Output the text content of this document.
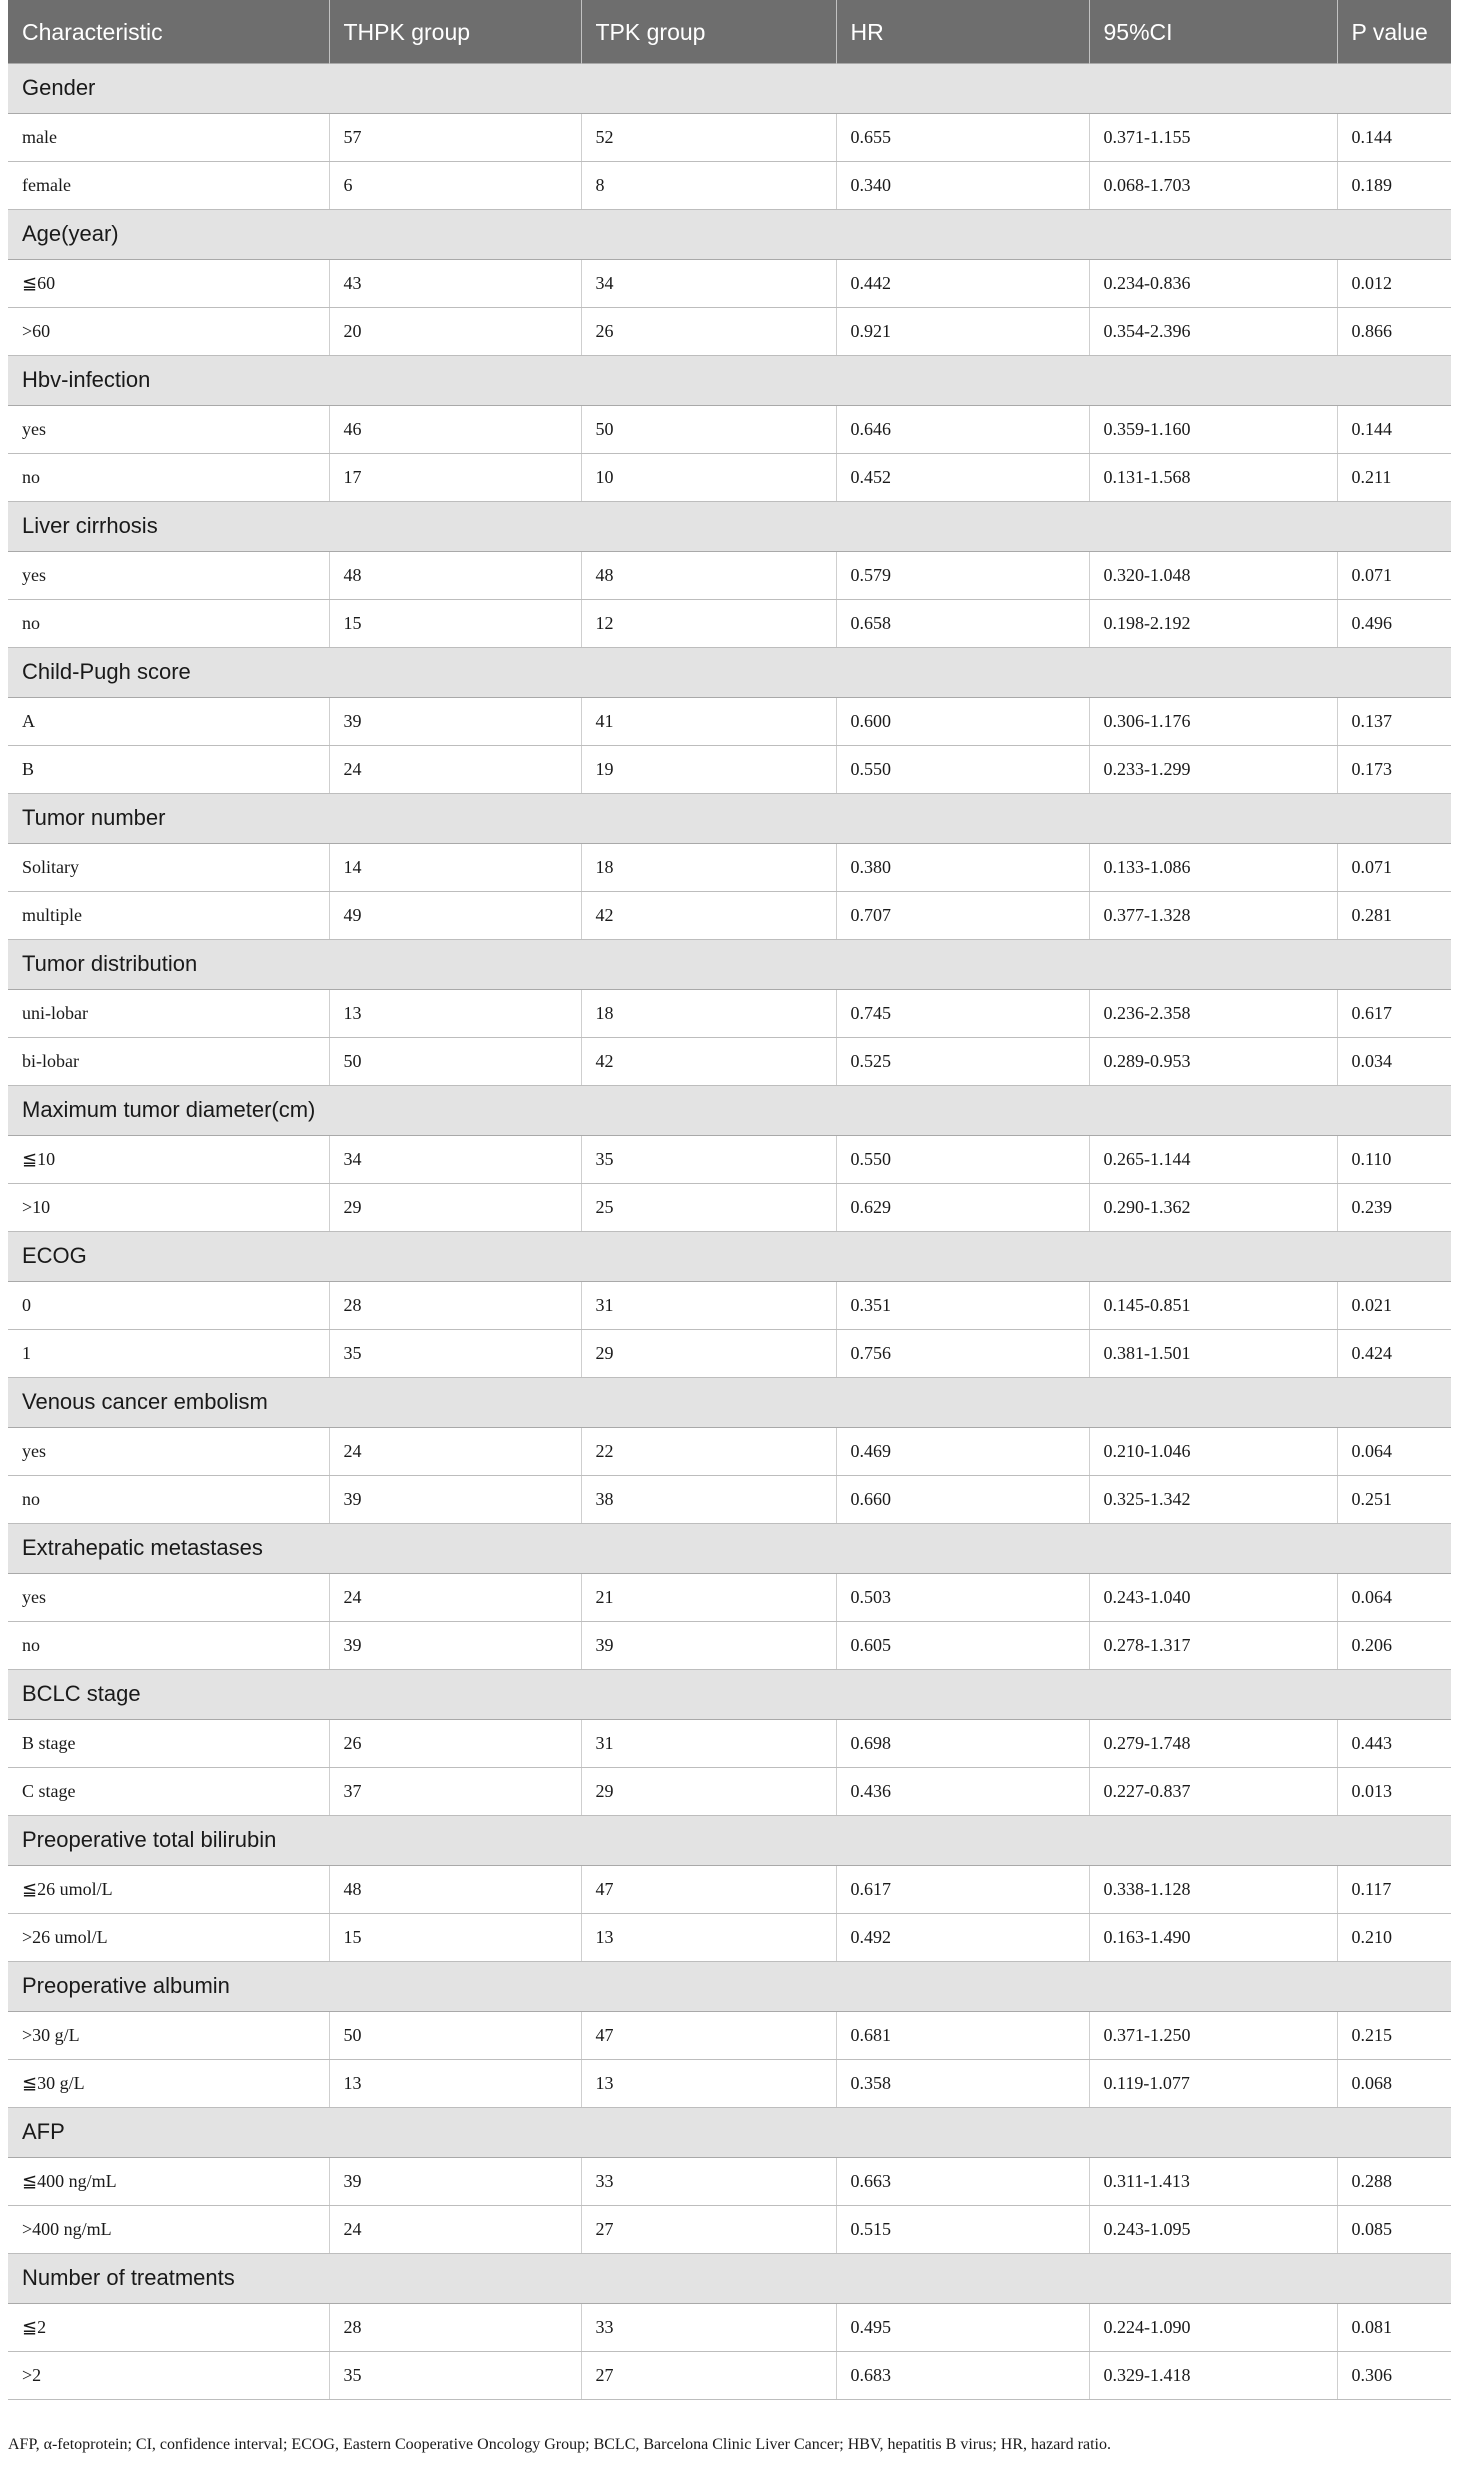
Characteristic	THPK group	TPK group	HR	95%CI	P value
Gender					
male	57	52	0.655	0.371-1.155	0.144
female	6	8	0.340	0.068-1.703	0.189
Age(year)					
≦60	43	34	0.442	0.234-0.836	0.012
>60	20	26	0.921	0.354-2.396	0.866
Hbv-infection					
yes	46	50	0.646	0.359-1.160	0.144
no	17	10	0.452	0.131-1.568	0.211
Liver cirrhosis					
yes	48	48	0.579	0.320-1.048	0.071
no	15	12	0.658	0.198-2.192	0.496
Child-Pugh score					
A	39	41	0.600	0.306-1.176	0.137
B	24	19	0.550	0.233-1.299	0.173
Tumor number					
Solitary	14	18	0.380	0.133-1.086	0.071
multiple	49	42	0.707	0.377-1.328	0.281
Tumor distribution					
uni-lobar	13	18	0.745	0.236-2.358	0.617
bi-lobar	50	42	0.525	0.289-0.953	0.034
Maximum tumor diameter(cm)					
≦10	34	35	0.550	0.265-1.144	0.110
>10	29	25	0.629	0.290-1.362	0.239
ECOG					
0	28	31	0.351	0.145-0.851	0.021
1	35	29	0.756	0.381-1.501	0.424
Venous cancer embolism					
yes	24	22	0.469	0.210-1.046	0.064
no	39	38	0.660	0.325-1.342	0.251
Extrahepatic metastases					
yes	24	21	0.503	0.243-1.040	0.064
no	39	39	0.605	0.278-1.317	0.206
BCLC stage					
B stage	26	31	0.698	0.279-1.748	0.443
C stage	37	29	0.436	0.227-0.837	0.013
Preoperative total bilirubin					
≦26 umol/L	48	47	0.617	0.338-1.128	0.117
>26 umol/L	15	13	0.492	0.163-1.490	0.210
Preoperative albumin					
>30 g/L	50	47	0.681	0.371-1.250	0.215
≦30 g/L	13	13	0.358	0.119-1.077	0.068
AFP					
≦400 ng/mL	39	33	0.663	0.311-1.413	0.288
>400 ng/mL	24	27	0.515	0.243-1.095	0.085
Number of treatments					
≦2	28	33	0.495	0.224-1.090	0.081
>2	35	27	0.683	0.329-1.418	0.306
AFP, α-fetoprotein; CI, confidence interval; ECOG, Eastern Cooperative Oncology Group; BCLC, Barcelona Clinic Liver Cancer; HBV, hepatitis B virus; HR, hazard ratio.
